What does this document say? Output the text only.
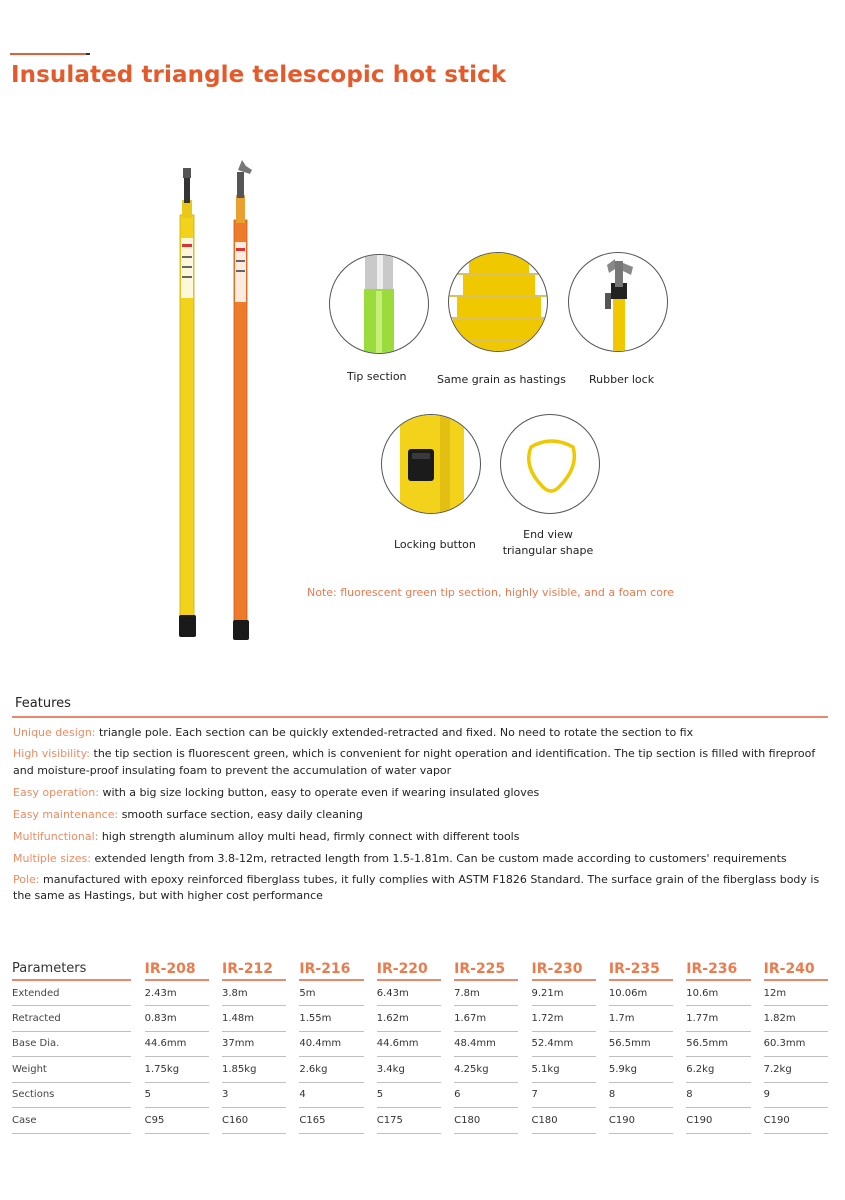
Insulated triangle telescopic hot stick
Tip section	Same grain as hastings Rubber lock
Locking button
End view
triangular shape
Note: fluorescent green tip section, highly visible, and a foam core
Features
Unique design: triangle pole. Each section can be quickly extended-retracted and fixed. No need to rotate the section to fix
High visibility: the tip section is fluorescent green, which is convenient for night operation and identification. The tip section is filled with fireproof and moisture-proof insulating foam to prevent the accumulation of water vapor
Easy operation: with a big size locking button, easy to operate even if wearing insulated gloves
Easy maintenance: smooth surface section, easy daily cleaning
Multifunctional: high strength aluminum alloy multi head, firmly connect with different tools
Multiple sizes: extended length from 3.8-12m, retracted length from 1.5-1.81m. Can be custom made according to customers' requirements
Pole: manufactured with epoxy reinforced fiberglass tubes, it fully complies with ASTM F1826 Standard. The surface grain of the fiberglass body is the same as Hastings, but with higher cost performance
Parameters		IR-208		IR-212		IR-216		IR-220		IR-225		IR-230		IR-235		IR-236		IR-240
Extended		2.43m		3.8m		5m		6.43m		7.8m		9.21m		10.06m		10.6m		12m
Retracted		0.83m		1.48m		1.55m		1.62m		1.67m		1.72m		1.7m		1.77m		1.82m
Base Dia.		44.6mm		37mm		40.4mm		44.6mm		48.4mm		52.4mm		56.5mm		56.5mm		60.3mm
Weight		1.75kg		1.85kg		2.6kg		3.4kg		4.25kg		5.1kg		5.9kg		6.2kg		7.2kg
Sections		5		3		4		5		6		7		8		8		9
Case		C95		C160		C165		C175		C180		C180		C190		C190		C190
